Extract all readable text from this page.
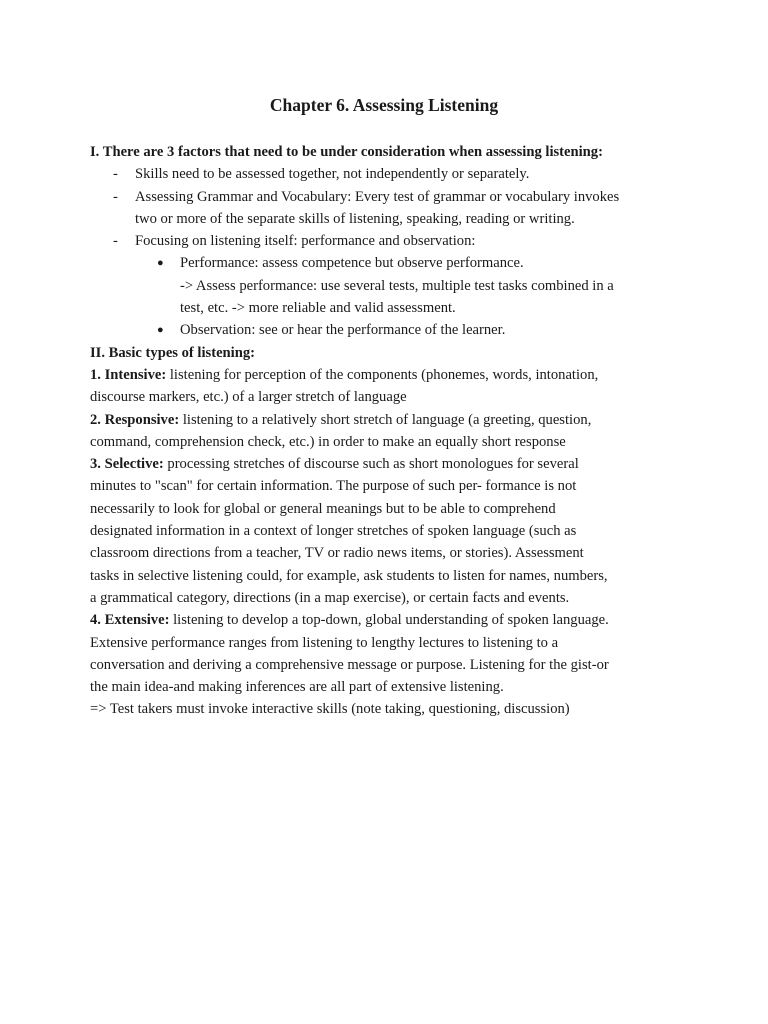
Chapter 6. Assessing Listening

I. There are 3 factors that need to be under consideration when assessing listening:

- Skills need to be assessed together, not independently or separately.

- Assessing Grammar and Vocabulary: Every test of grammar or vocabulary invokes

two or more of the separate skills of listening, speaking, reading or writing.

- Focusing on listening itself: performance and observation:

● Performance: assess competence but observe performance.

-> Assess performance: use several tests, multiple test tasks combined in a

test, etc. -> more reliable and valid assessment.

● Observation: see or hear the performance of the learner.

II. Basic types of listening:

1. Intensive: listening for perception of the components (phonemes, words, intonation,

discourse markers, etc.) of a larger stretch of language

2. Responsive: listening to a relatively short stretch of language (a greeting, question,

command, comprehension check, etc.) in order to make an equally short response

3. Selective: processing stretches of discourse such as short monologues for several

minutes to "scan" for certain information. The purpose of such per- formance is not

necessarily to look for global or general meanings but to be able to comprehend

designated information in a context of longer stretches of spoken language (such as

classroom directions from a teacher, TV or radio news items, or stories). Assessment

tasks in selective listening could, for example, ask students to listen for names, numbers,

a grammatical category, directions (in a map exercise), or certain facts and events.

4. Extensive: listening to develop a top-down, global understanding of spoken language.

Extensive performance ranges from listening to lengthy lectures to listening to a

conversation and deriving a comprehensive message or purpose. Listening for the gist-or

the main idea-and making inferences are all part of extensive listening.

=> Test takers must invoke interactive skills (note taking, questioning, discussion)
